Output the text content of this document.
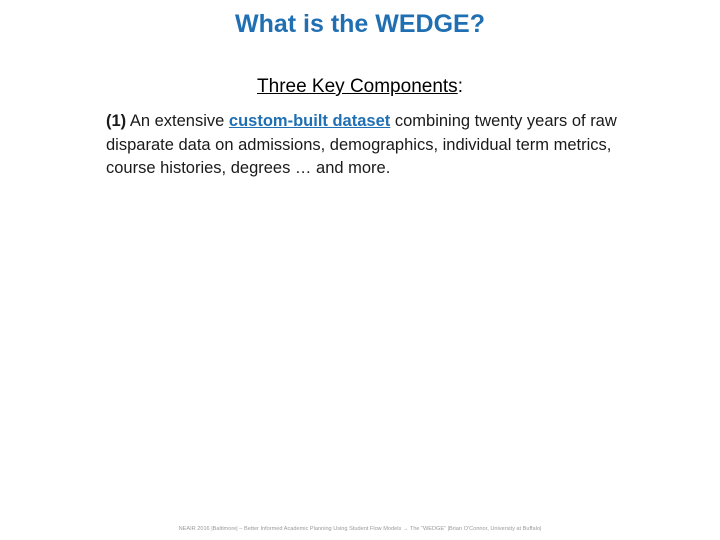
What is the WEDGE?
Three Key Components:
(1) An extensive custom-built dataset combining twenty years of raw disparate data on admissions, demographics, individual term metrics, course histories, degrees … and more.
NEAIR 2016 |Baltimore| – Better Informed Academic Planning Using Student Flow Models → The “WEDGE” |Brian O’Connor, University at Buffalo|
